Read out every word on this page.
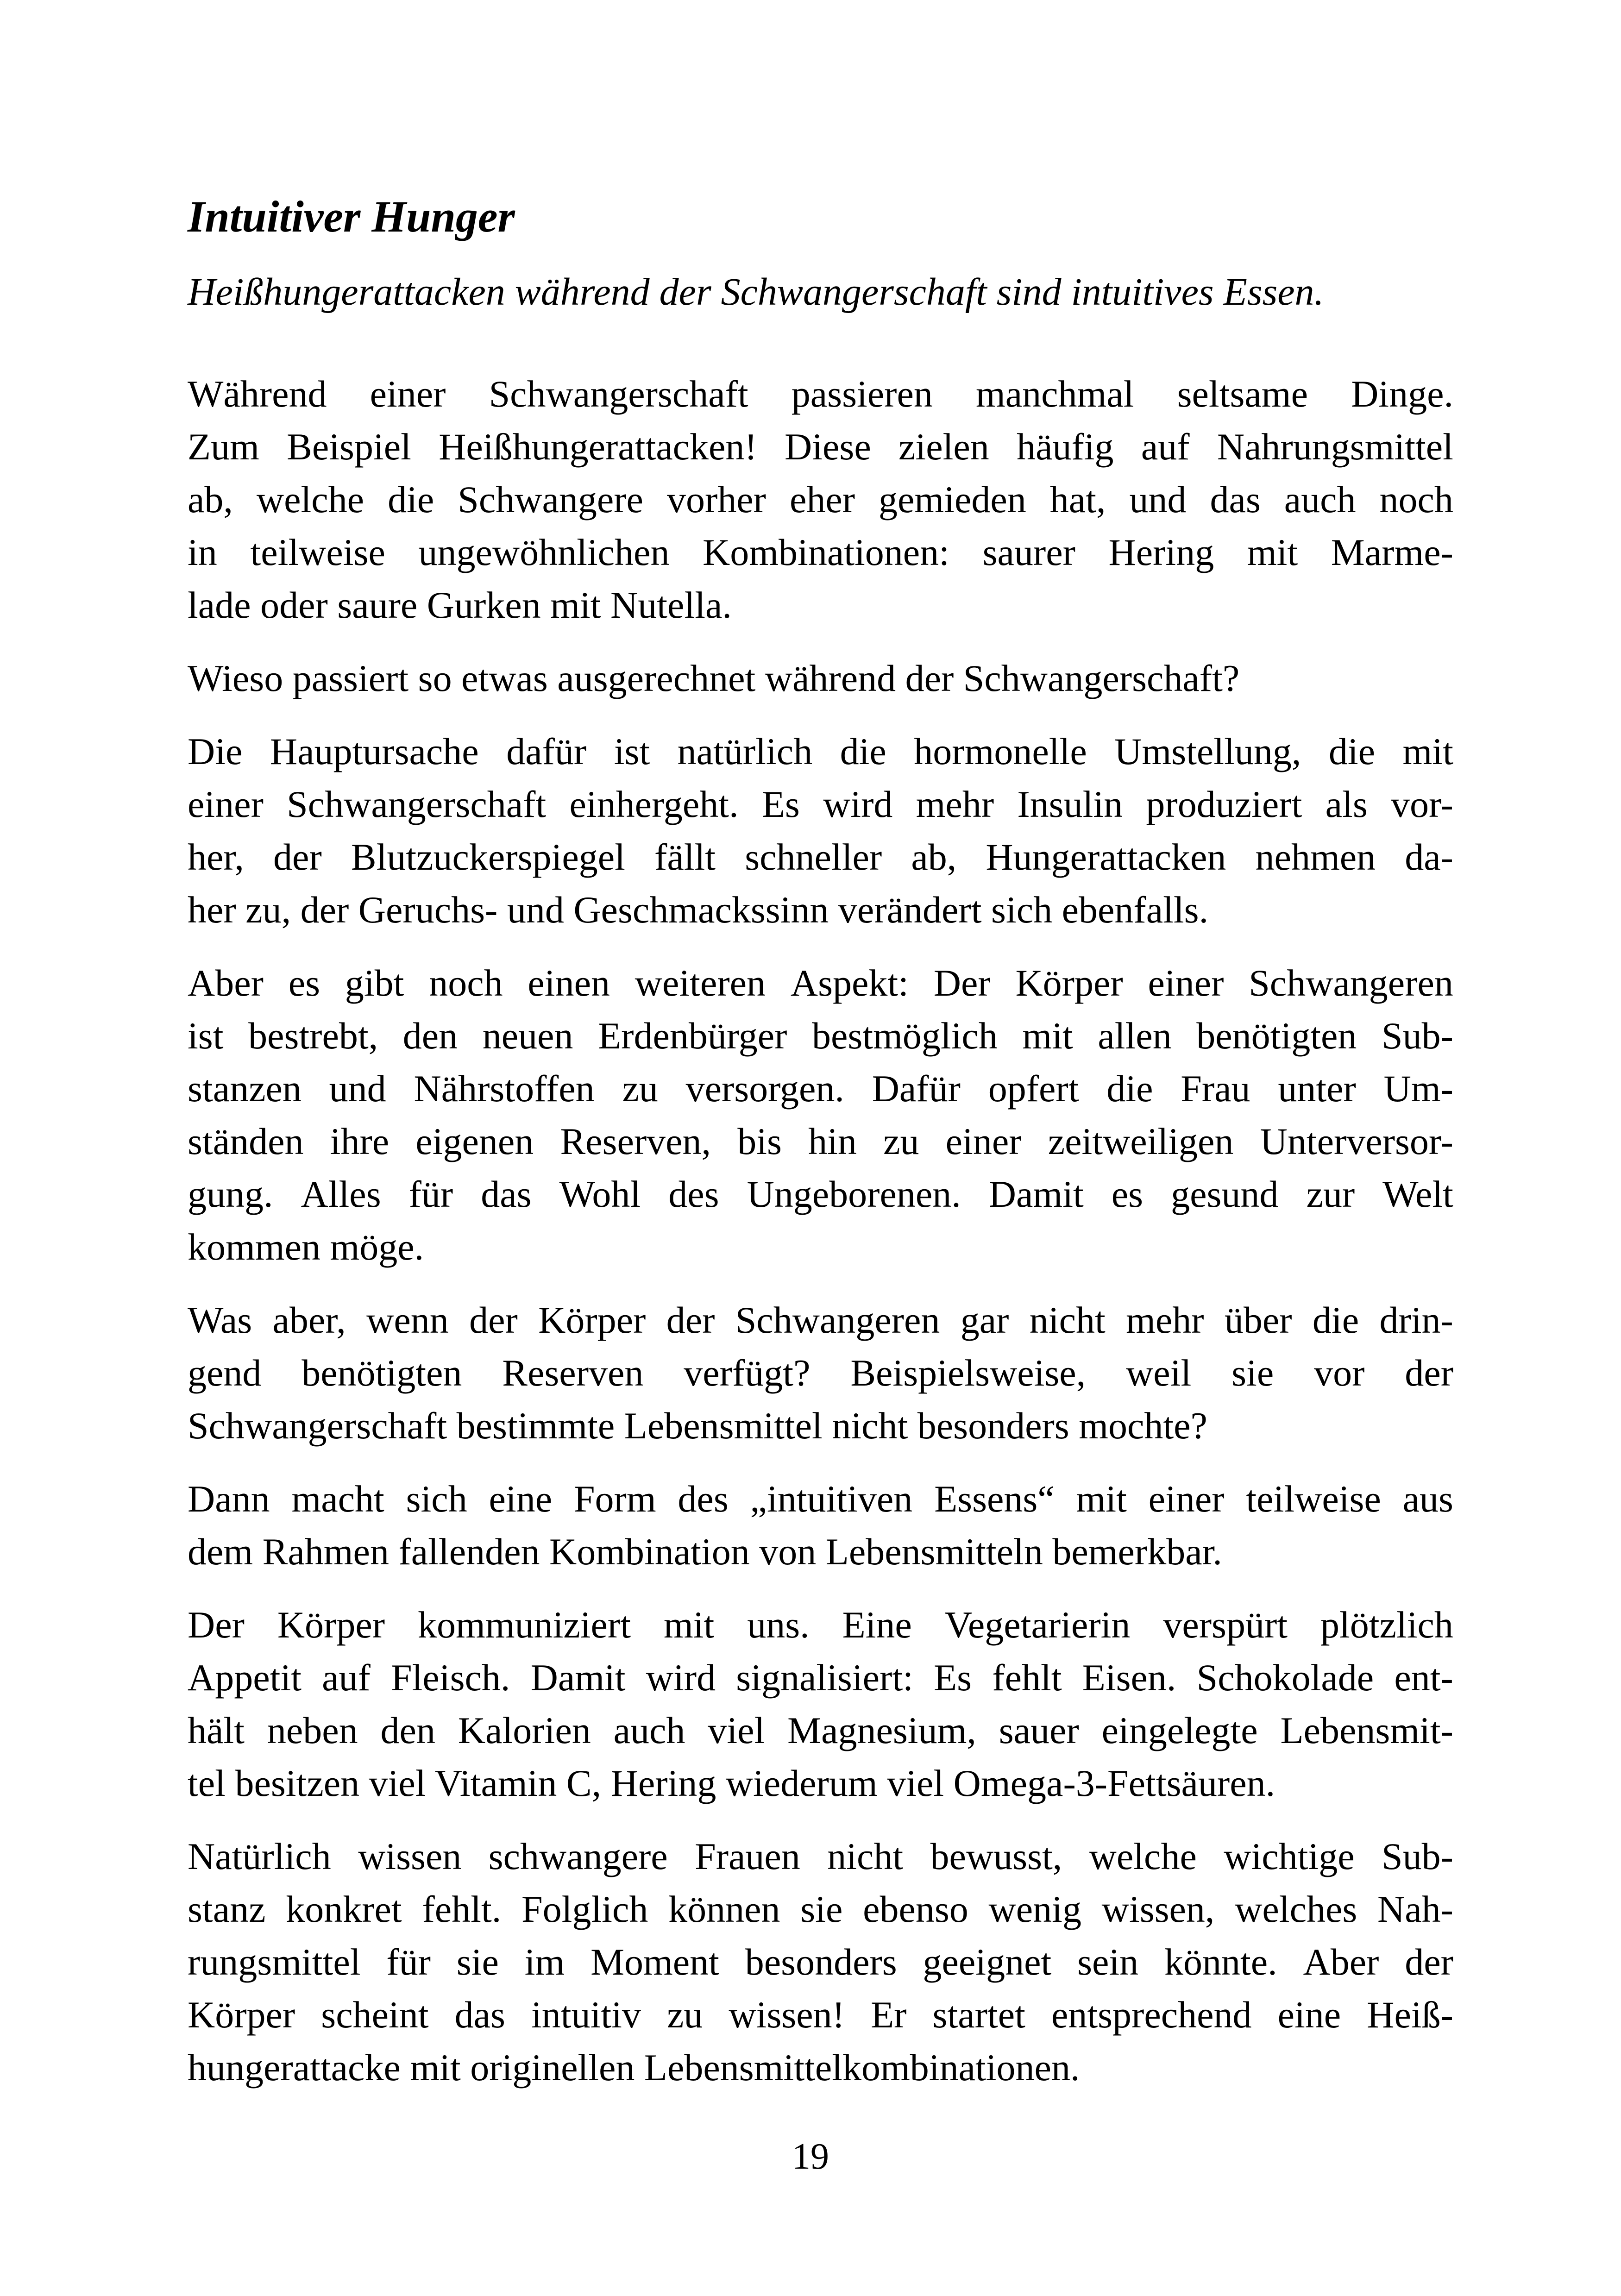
Intuitiver Hunger
Heißhungerattacken während der Schwangerschaft sind intuitives Essen.
Während einer Schwangerschaft passieren manchmal seltsame Dinge.
Zum Beispiel Heißhungerattacken! Diese zielen häufig auf Nahrungsmittel
ab, welche die Schwangere vorher eher gemieden hat, und das auch noch
in teilweise ungewöhnlichen Kombinationen: saurer Hering mit Marme-
lade oder saure Gurken mit Nutella.
Wieso passiert so etwas ausgerechnet während der Schwangerschaft?
Die Hauptursache dafür ist natürlich die hormonelle Umstellung, die mit
einer Schwangerschaft einhergeht. Es wird mehr Insulin produziert als vor-
her, der Blutzuckerspiegel fällt schneller ab, Hungerattacken nehmen da-
her zu, der Geruchs- und Geschmackssinn verändert sich ebenfalls.
Aber es gibt noch einen weiteren Aspekt: Der Körper einer Schwangeren
ist bestrebt, den neuen Erdenbürger bestmöglich mit allen benötigten Sub-
stanzen und Nährstoffen zu versorgen. Dafür opfert die Frau unter Um-
ständen ihre eigenen Reserven, bis hin zu einer zeitweiligen Unterversor-
gung. Alles für das Wohl des Ungeborenen. Damit es gesund zur Welt
kommen möge.
Was aber, wenn der Körper der Schwangeren gar nicht mehr über die drin-
gend benötigten Reserven verfügt? Beispielsweise, weil sie vor der
Schwangerschaft bestimmte Lebensmittel nicht besonders mochte?
Dann macht sich eine Form des „intuitiven Essens“ mit einer teilweise aus
dem Rahmen fallenden Kombination von Lebensmitteln bemerkbar.
Der Körper kommuniziert mit uns. Eine Vegetarierin verspürt plötzlich
Appetit auf Fleisch. Damit wird signalisiert: Es fehlt Eisen. Schokolade ent-
hält neben den Kalorien auch viel Magnesium, sauer eingelegte Lebensmit-
tel besitzen viel Vitamin C, Hering wiederum viel Omega-3-Fettsäuren.
Natürlich wissen schwangere Frauen nicht bewusst, welche wichtige Sub-
stanz konkret fehlt. Folglich können sie ebenso wenig wissen, welches Nah-
rungsmittel für sie im Moment besonders geeignet sein könnte. Aber der
Körper scheint das intuitiv zu wissen! Er startet entsprechend eine Heiß-
hungerattacke mit originellen Lebensmittelkombinationen.
19
